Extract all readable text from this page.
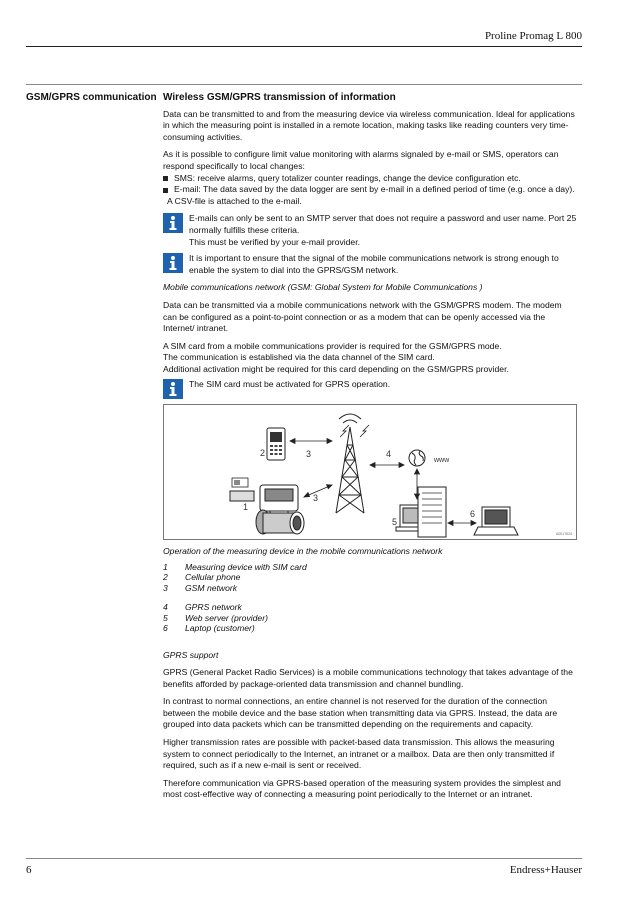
Proline Promag L 800
GSM/GPRS communication Wireless GSM/GPRS transmission of information

Data can be transmitted to and from the measuring device via wireless communication. Ideal for applications in which the measuring point is installed in a remote location, making tasks like reading counters very time-consuming activities.

As it is possible to configure limit value monitoring with alarms signaled by e-mail or SMS, operators can respond specifically to local changes:

SMS: receive alarms, query totalizer counter readings, change the device configuration etc.
E-mail: The data saved by the data logger are sent by e-mail in a defined period of time (e.g. once a day).
A CSV-file is attached to the e-mail.
E-mails can only be sent to an SMTP server that does not require a password and user name. Port 25 normally fulfills these criteria.
This must be verified by your e-mail provider.
It is important to ensure that the signal of the mobile communications network is strong enough to enable the system to dial into the GPRS/GSM network.
Mobile communications network (GSM: Global System for Mobile Communications )

Data can be transmitted via a mobile communications network with the GSM/GPRS modem. The modem can be configured as a point-to-point connection or as a modem that can be openly accessed via the Internet/ intranet.

A SIM card from a mobile communications provider is required for the GSM/GPRS mode.
The communication is established via the data channel of the SIM card.
Additional activation might be required for this card depending on the GSM/GPRS provider.
The SIM card must be activated for GPRS operation.
2	3
3
4
1
5
6
www
A0017624
Operation of the measuring device in the mobile communications network
1	Measuring device with SIM card
2	Cellular phone
3	GSM network
4	GPRS network
5	Web server (provider)
6	Laptop (customer)
GPRS support

GPRS (General Packet Radio Services) is a mobile communications technology that takes advantage of the benefits afforded by package-oriented data transmission and channel bundling.

In contrast to normal connections, an entire channel is not reserved for the duration of the connection between the mobile device and the base station when transmitting data via GPRS. Instead, the data are grouped into data packets which can be transmitted depending on the requirements and capacity.

Higher transmission rates are possible with packet-based data transmission. This allows the measuring system to connect periodically to the Internet, an intranet or a mailbox. Data are then only transmitted if required, such as if a new e-mail is sent or received.

Therefore communication via GPRS-based operation of the measuring system provides the simplest and most cost-effective way of connecting a measuring point periodically to the Internet or an intranet.

6	Endress+Hauser
